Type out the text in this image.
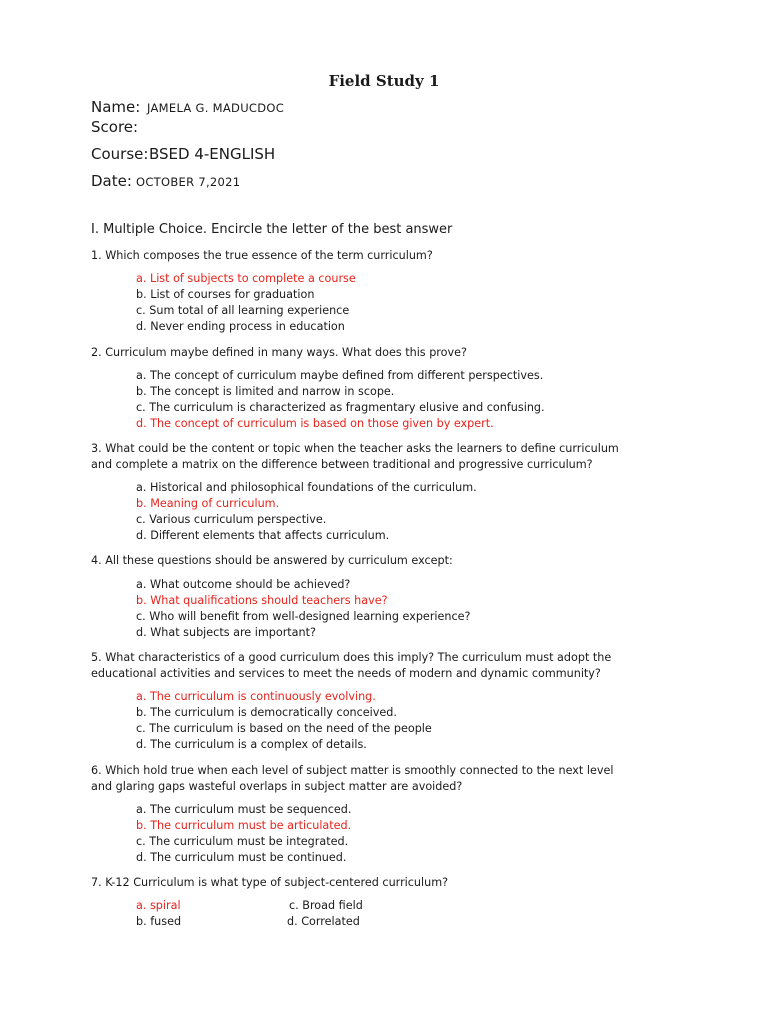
Field Study 1
Name: JAMELA G. MADUCDOC
Score:
Course: BSED 4-ENGLISH
Date: OCTOBER 7,2021
I. Multiple Choice. Encircle the letter of the best answer
1. Which composes the true essence of the term curriculum?
a. List of subjects to complete a course
b. List of courses for graduation
c. Sum total of all learning experience
d. Never ending process in education
2. Curriculum maybe defined in many ways. What does this prove?
a. The concept of curriculum maybe defined from different perspectives.
b. The concept is limited and narrow in scope.
c. The curriculum is characterized as fragmentary elusive and confusing.
d. The concept of curriculum is based on those given by expert.
3. What could be the content or topic when the teacher asks the learners to define curriculum
and complete a matrix on the difference between traditional and progressive curriculum?
a. Historical and philosophical foundations of the curriculum.
b. Meaning of curriculum.
c. Various curriculum perspective.
d. Different elements that affects curriculum.
4. All these questions should be answered by curriculum except:
a. What outcome should be achieved?
b. What qualifications should teachers have?
c. Who will benefit from well-designed learning experience?
d. What subjects are important?
5. What characteristics of a good curriculum does this imply? The curriculum must adopt the
educational activities and services to meet the needs of modern and dynamic community?
a. The curriculum is continuously evolving.
b. The curriculum is democratically conceived.
c. The curriculum is based on the need of the people
d. The curriculum is a complex of details.
6. Which hold true when each level of subject matter is smoothly connected to the next level
and glaring gaps wasteful overlaps in subject matter are avoided?
a. The curriculum must be sequenced.
b. The curriculum must be articulated.
c. The curriculum must be integrated.
d. The curriculum must be continued.
7. K-12 Curriculum is what type of subject-centered curriculum?
a. spiral	c. Broad field
b. fused	d. Correlated
